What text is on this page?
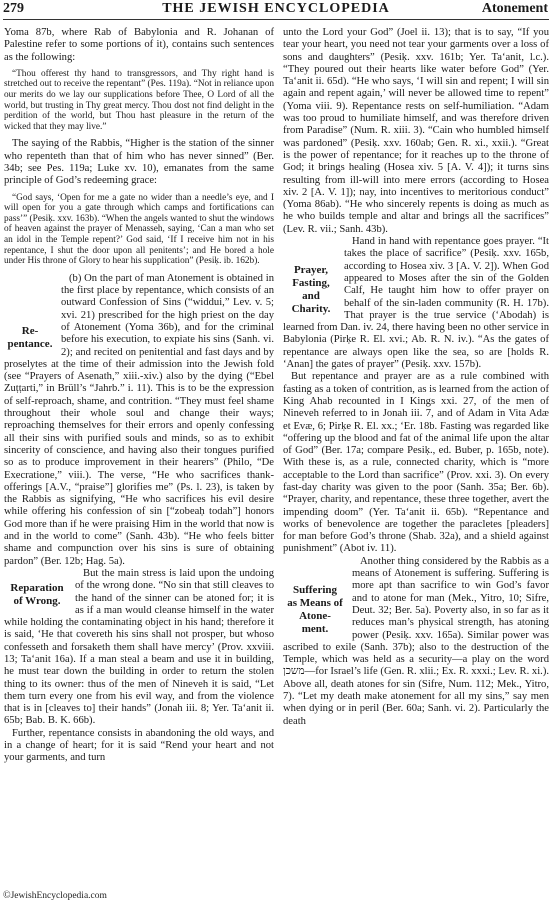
279	THE JEWISH ENCYCLOPEDIA	Atonement

Yoma 87b, where Rab of Babylonia and R. Johanan of Palestine refer to some portions of it), contains such sentences as the following:

“Thou offerest thy hand to transgressors, and Thy right hand is stretched out to receive the repentant” (Pes. 119a). “Not in reliance upon our merits do we lay our supplications before Thee, O Lord of all the world, but trusting in Thy great mercy. Thou dost not find delight in the perdition of the world, but Thou hast pleasure in the return of the wicked that they may live.”

The saying of the Rabbis, “Higher is the station of the sinner who repenteth than that of him who has never sinned” (Ber. 34b; see Pes. 119a; Luke xv. 10), emanates from the same principle of God’s redeeming grace:

“God says, ‘Open for me a gate no wider than a needle’s eye, and I will open for you a gate through which camps and fortifications can pass’” (Pesiḳ. xxv. 163b). “When the angels wanted to shut the windows of heaven against the prayer of Menasseh, saying, ‘Can a man who set an idol in the Temple repent?’ God said, ‘If I receive him not in his repentance, I shut the door upon all penitents’; and He bored a hole under His throne of Glory to hear his supplication” (Pesiḳ. ib. 162b).

Re-
pentance.

(b) On the part of man Atonement is obtained in the first place by repentance, which consists of an outward Confession of Sins (“widdui,” Lev. v. 5; xvi. 21) prescribed for the high priest on the day of Atonement (Yoma 36b), and for the criminal before his execution, to expiate his sins (Sanh. vi. 2); and recited on penitential and fast days and by proselytes at the time of their admission into the Jewish fold (see “Prayers of Asenath,” xiii.-xiv.) also by the dying (“Ebel Zuṭṭarti,” in Brüll’s “Jahrb.” i. 11). This is to be the expression of self-reproach, shame, and contrition. “They must feel shame throughout their whole soul and change their ways; reproaching themselves for their errors and openly confessing all their sins with purified souls and minds, so as to exhibit sincerity of conscience, and having also their tongues purified so as to produce improvement in their hearers” (Philo, “De Execratione,” viii.). The verse, “He who sacrifices thank-offerings [A.V., “praise”] glorifies me” (Ps. l. 23), is taken by the Rabbis as signifying, “He who sacrifices his evil desire while offering his confession of sin [“zobeaḥ todah”] honors God more than if he were praising Him in the world that now is and in the world to come” (Sanh. 43b). “He who feels bitter shame and compunction over his sins is sure of obtaining pardon” (Ber. 12b; Hag. 5a).

Reparation
of Wrong.

But the main stress is laid upon the undoing of the wrong done. “No sin that still cleaves to the hand of the sinner can be atoned for; it is as if a man would cleanse himself in the water while holding the contaminating object in his hand; therefore it is said, ‘He that covereth his sins shall not prosper, but whoso confesseth and forsaketh them shall have mercy’ (Prov. xxviii. 13; Ta‘anit 16a). If a man steal a beam and use it in building, he must tear down the building in order to return the stolen thing to its owner: thus of the men of Nineveh it is said, “Let them turn every one from his evil way, and from the violence that is in [cleaves to] their hands” (Jonah iii. 8; Yer. Ta‘anit ii. 65b; Bab. B. K. 66b).

Further, repentance consists in abandoning the old ways, and in a change of heart; for it is said “Rend your heart and not your garments, and turn

unto the Lord your God” (Joel ii. 13); that is to say, “If you tear your heart, you need not tear your garments over a loss of sons and daughters” (Pesiḳ. xxv. 161b; Yer. Ta‘anit, l.c.). “They poured out their hearts like water before God” (Yer. Ta‘anit ii. 65d). “He who says, ‘I will sin and repent; I will sin again and repent again,’ will never be allowed time to repent” (Yoma viii. 9). Repentance rests on self-humiliation. “Adam was too proud to humiliate himself, and was therefore driven from Paradise” (Num. R. xiii. 3). “Cain who humbled himself was pardoned” (Pesiḳ. xxv. 160ab; Gen. R. xi., xxii.). “Great is the power of repentance; for it reaches up to the throne of God; it brings healing (Hosea xiv. 5 [A. V. 4]); it turns sins resulting from ill-will into mere errors (according to Hosea xiv. 2 [A. V. 1]); nay, into incentives to meritorious conduct” (Yoma 86ab). “He who sincerely repents is doing as much as he who builds temple and altar and brings all the sacrifices” (Lev. R. vii.; Sanh. 43b).

Prayer,
Fasting,
and
Charity.

Hand in hand with repentance goes prayer. “It takes the place of sacrifice” (Pesiḳ. xxv. 165b, according to Hosea xiv. 3 [A. V. 2]). When God appeared to Moses after the sin of the Golden Calf, He taught him how to offer prayer on behalf of the sin-laden community (R. H. 17b). That prayer is the true service (‘Abodah) is learned from Dan. iv. 24, there having been no other service in Babylonia (Pirḳe R. El. xvi.; Ab. R. N. iv.). “As the gates of repentance are always open like the sea, so are [holds R. ‘Anan] the gates of prayer” (Pesiḳ. xxv. 157b).

But repentance and prayer are as a rule combined with fasting as a token of contrition, as is learned from the action of King Ahab recounted in I Kings xxi. 27, of the men of Nineveh referred to in Jonah iii. 7, and of Adam in Vita Adæ et Evæ, 6; Pirḳe R. El. xx.; ‘Er. 18b. Fasting was regarded like “offering up the blood and fat of the animal life upon the altar of God” (Ber. 17a; compare Pesiḳ., ed. Buber, p. 165b, note). With these is, as a rule, connected charity, which is “more acceptable to the Lord than sacrifice” (Prov. xxi. 3). On every fast-day charity was given to the poor (Sanh. 35a; Ber. 6b). “Prayer, charity, and repentance, these three together, avert the impending doom” (Yer. Ta‘anit ii. 65b). “Repentance and works of benevolence are together the paracletes [pleaders] for man before God’s throne (Shab. 32a), and a shield against punishment” (Abot iv. 11).

Suffering
as Means of
Atone-
ment.

Another thing considered by the Rabbis as a means of Atonement is suffering. Suffering is more apt than sacrifice to win God’s favor and to atone for man (Mek., Yitro, 10; Sifre, Deut. 32; Ber. 5a). Poverty also, in so far as it reduces man’s physical strength, has atoning power (Pesiḳ. xxv. 165a). Similar power was ascribed to exile (Sanh. 37b); also to the destruction of the Temple, which was held as a security—a play on the word משכן—for Israel’s life (Gen. R. xlii.; Ex. R. xxxi.; Lev. R. xi.). Above all, death atones for sin (Sifre, Num. 112; Mek., Yitro, 7). “Let my death make atonement for all my sins,” say men when dying or in peril (Ber. 60a; Sanh. vi. 2). Particularly the death

©JewishEncyclopedia.com
